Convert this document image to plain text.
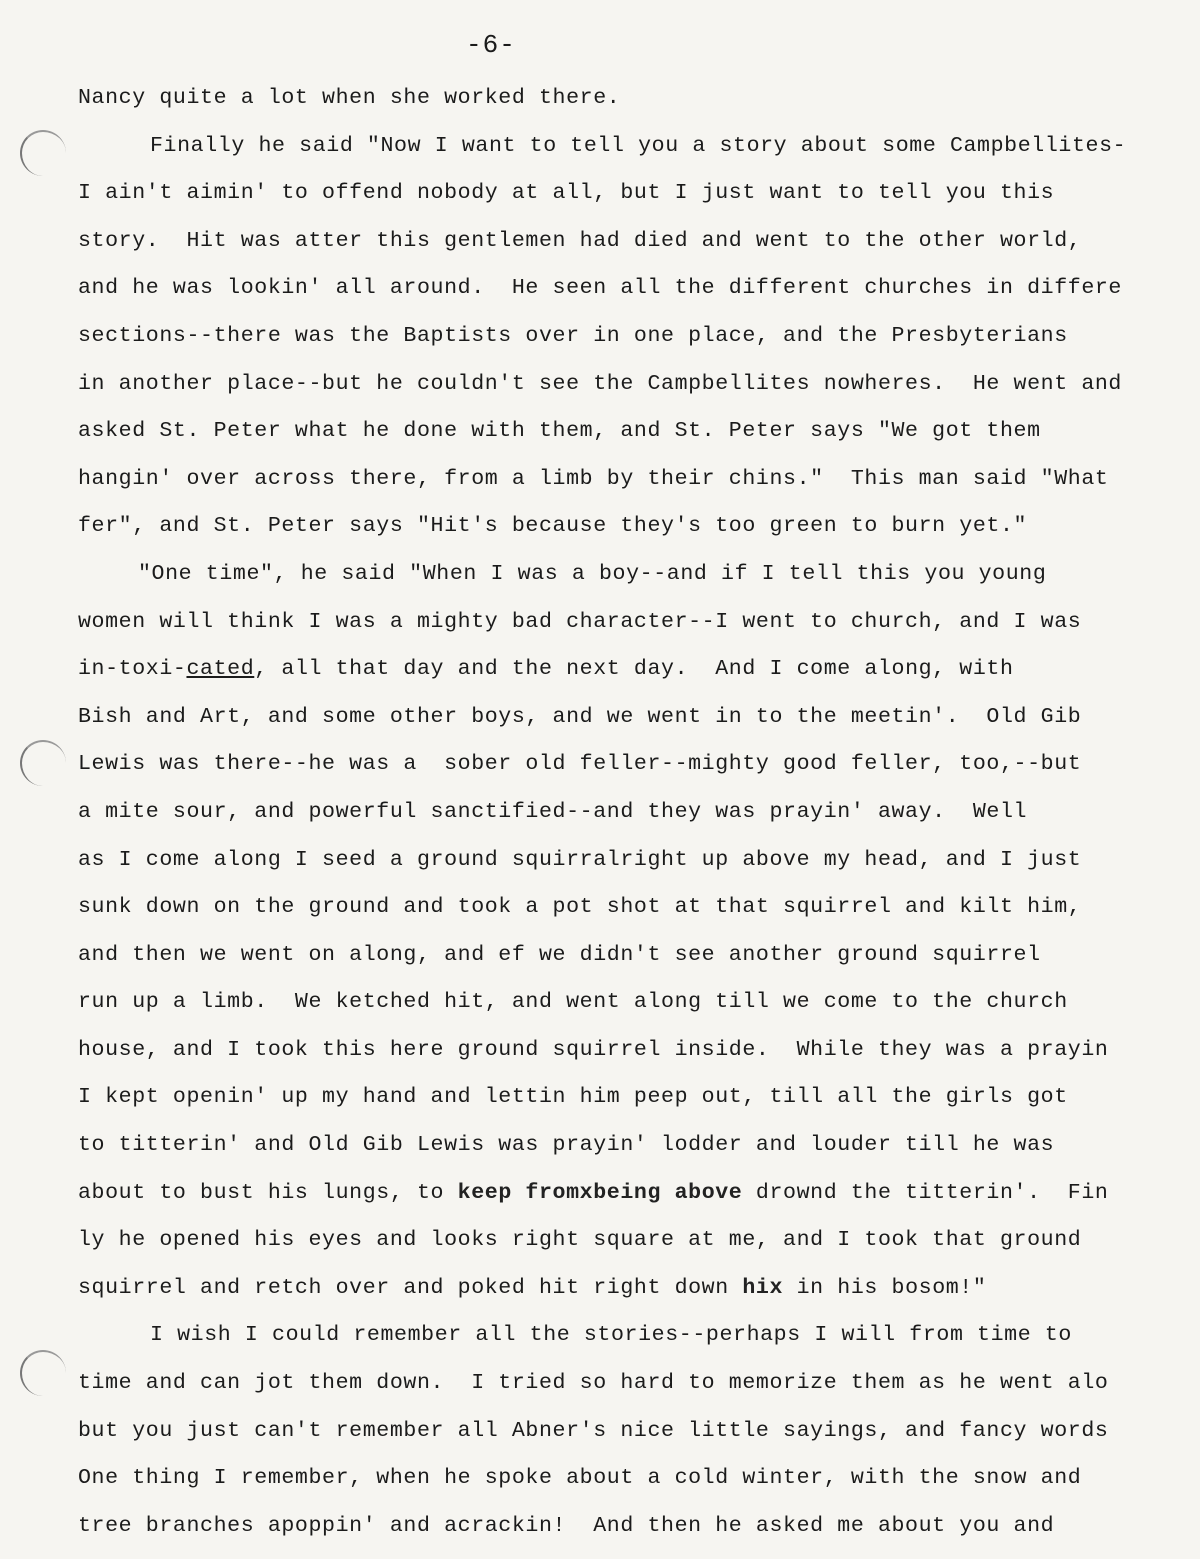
-6-
Nancy quite a lot when she worked there.
Finally he said "Now I want to tell you a story about some Campbellites-
I ain't aimin' to offend nobody at all, but I just want to tell you this
story.  Hit was atter this gentlemen had died and went to the other world,
and he was lookin' all around.  He seen all the different churches in differe
sections--there was the Baptists over in one place, and the Presbyterians
in another place--but he couldn't see the Campbellites nowheres.  He went and
asked St. Peter what he done with them, and St. Peter says "We got them
hangin' over across there, from a limb by their chins."  This man said "What
fer", and St. Peter says "Hit's because they's too green to burn yet."
"One time", he said "When I was a boy--and if I tell this you young
women will think I was a mighty bad character--I went to church, and I was
in-toxi-cated, all that day and the next day.  And I come along, with
Bish and Art, and some other boys, and we went in to the meetin'.  Old Gib
Lewis was there--he was a  sober old feller--mighty good feller, too,--but
a mite sour, and powerful sanctified--and they was prayin' away.  Well
as I come along I seed a ground squirralright up above my head, and I just
sunk down on the ground and took a pot shot at that squirrel and kilt him,
and then we went on along, and ef we didn't see another ground squirrel
run up a limb.  We ketched hit, and went along till we come to the church
house, and I took this here ground squirrel inside.  While they was a prayin
I kept openin' up my hand and lettin him peep out, till all the girls got
to titterin' and Old Gib Lewis was prayin' lodder and louder till he was
about to bust his lungs, to keep fromxbeing above drownd the titterin'.  Fin
ly he opened his eyes and looks right square at me, and I took that ground
squirrel and retch over and poked hit right down hix in his bosom!"
I wish I could remember all the stories--perhaps I will from time to
time and can jot them down.  I tried so hard to memorize them as he went alo
but you just can't remember all Abner's nice little sayings, and fancy words
One thing I remember, when he spoke about a cold winter, with the snow and
tree branches apoppin' and acrackin!  And then he asked me about you and
